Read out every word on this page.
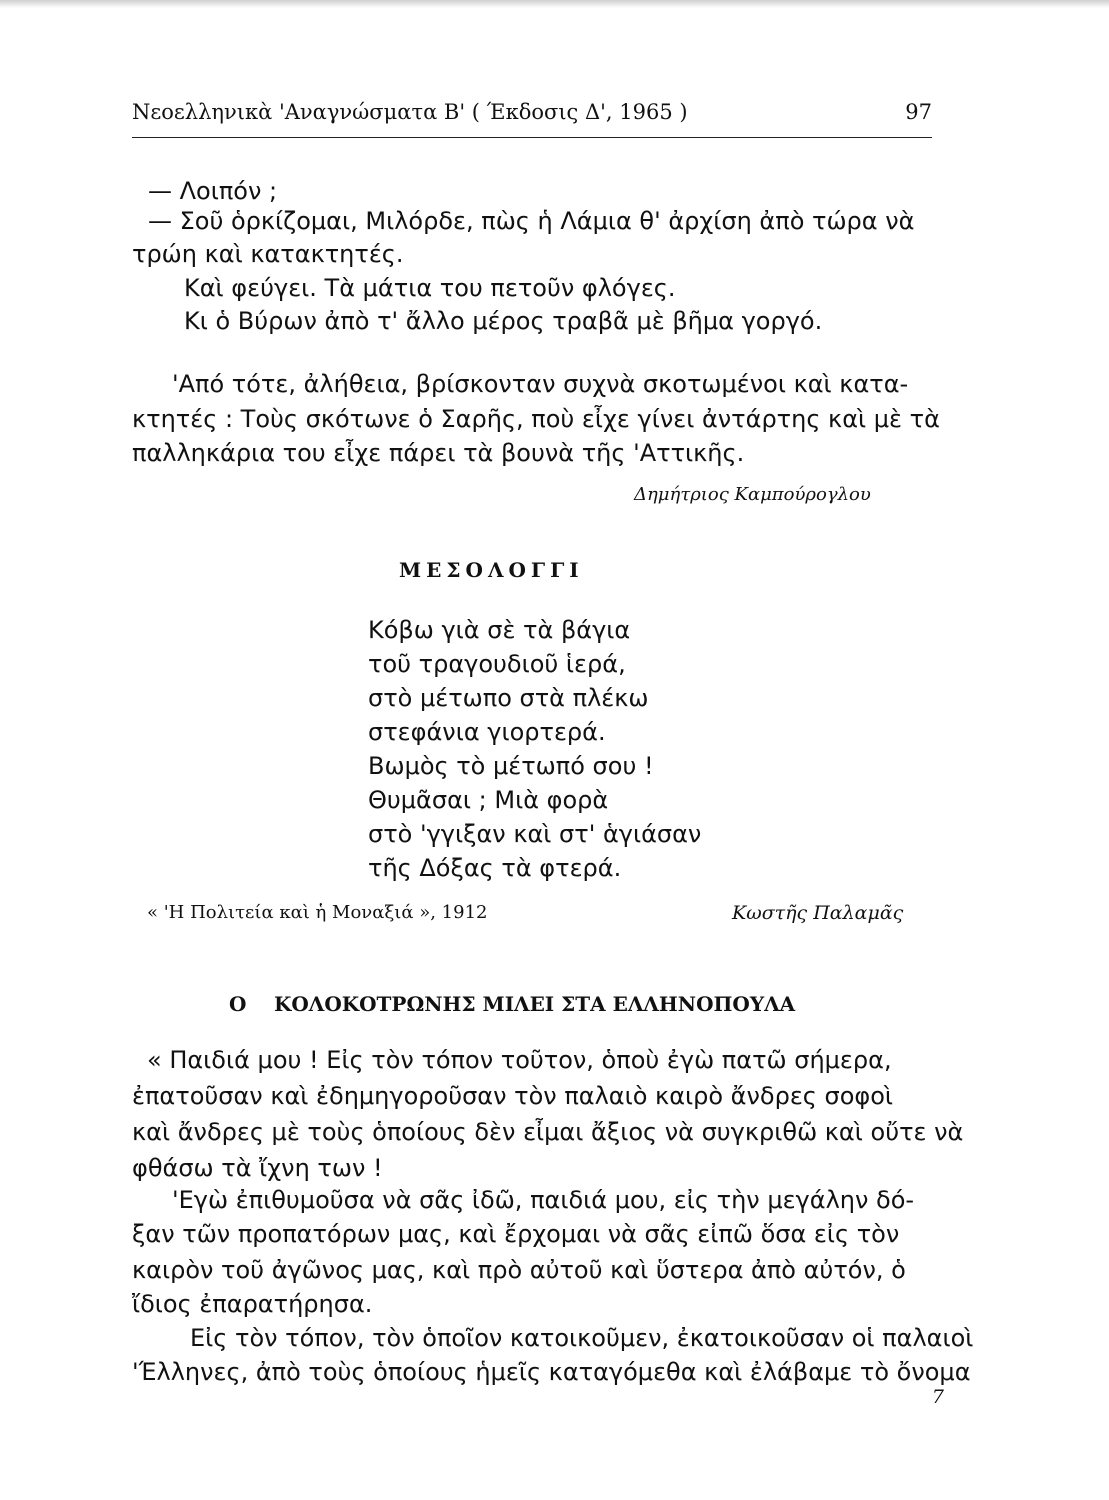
Νεοελληνικὰ 'Αναγνώσματα Β' ( Έκδοσις Δ', 1965 )	97
— Λοιπόν ;
— Σοῦ ὁρκίζομαι, Μιλόρδε, πὼς ἡ Λάμια θ' ἀρχίση ἀπὸ τώρα νὰ
τρώη καὶ κατακτητές.
Καὶ φεύγει. Τὰ μάτια του πετοῦν φλόγες.
Κι ὁ Βύρων ἀπὸ τ' ἄλλο μέρος τραβᾶ μὲ βῆμα γοργό.
'Από τότε, ἀλήθεια, βρίσκονταν συχνὰ σκοτωμένοι καὶ κατα-
κτητές : Τοὺς σκότωνε ὁ Σαρῆς, ποὺ εἶχε γίνει ἀντάρτης καὶ μὲ τὰ
παλληκάρια του εἶχε πάρει τὰ βουνὰ τῆς 'Αττικῆς.
Δημήτριος Καμπούρογλου
ΜΕΣΟΛΟΓΓΙ
Κόβω γιὰ σὲ τὰ βάγια
τοῦ τραγουδιοῦ ἱερά,
στὸ μέτωπο στὰ πλέκω
στεφάνια γιορτερά.
Βωμὸς τὸ μέτωπό σου !
Θυμᾶσαι ; Μιὰ φορὰ
στὸ 'γγιξαν καὶ στ' ἁγιάσαν
τῆς Δόξας τὰ φτερά.
« 'Η Πολιτεία καὶ ἡ Μοναξιά », 1912	Κωστῆς Παλαμᾶς
Ο ΚΟΛΟΚΟΤΡΩΝΗΣ ΜΙΛΕΙ ΣΤΑ ΕΛΛΗΝΟΠΟΥΛΑ
« Παιδιά μου ! Εἰς τὸν τόπον τοῦτον, ὁποὺ ἐγὼ πατῶ σήμερα,
ἐπατοῦσαν καὶ ἐδημηγοροῦσαν τὸν παλαιὸ καιρὸ ἄνδρες σοφοὶ
καὶ ἄνδρες μὲ τοὺς ὁποίους δὲν εἶμαι ἄξιος νὰ συγκριθῶ καὶ οὔτε νὰ
φθάσω τὰ ἴχνη των !
'Εγὼ ἐπιθυμοῦσα νὰ σᾶς ἰδῶ, παιδιά μου, εἰς τὴν μεγάλην δό-
ξαν τῶν προπατόρων μας, καὶ ἔρχομαι νὰ σᾶς εἰπῶ ὅσα εἰς τὸν
καιρὸν τοῦ ἀγῶνος μας, καὶ πρὸ αὐτοῦ καὶ ὕστερα ἀπὸ αὐτόν, ὁ
ἴδιος ἐπαρατήρησα.
Εἰς τὸν τόπον, τὸν ὁποῖον κατοικοῦμεν, ἐκατοικοῦσαν οἱ παλαιοὶ
'Έλληνες, ἀπὸ τοὺς ὁποίους ἡμεῖς καταγόμεθα καὶ ἐλάβαμε τὸ ὄνομα
7
